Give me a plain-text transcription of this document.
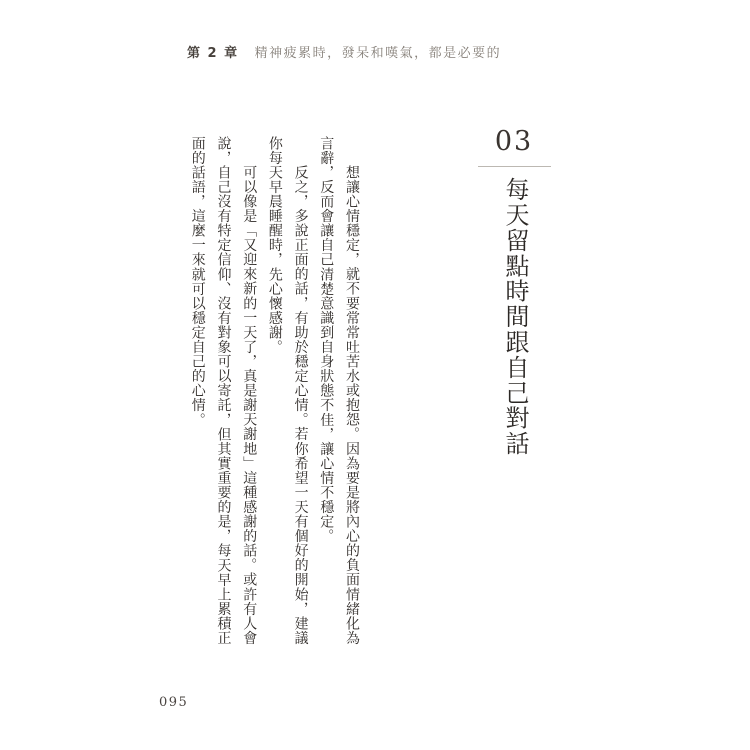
第 2 章 精神疲累時，發呆和嘆氣，都是必要的
03
每天留點時間跟自己對話

想讓心情穩定，就不要常常吐苦水或抱怨。因為要是將內心的負面情緒化為言辭，反而會讓自己清楚意識到自身狀態不佳，讓心情不穩定。

反之，多說正面的話，有助於穩定心情。若你希望一天有個好的開始，建議你每天早晨睡醒時，先心懷感謝。

可以像是「又迎來新的一天了，真是謝天謝地」這種感謝的話。或許有人會說，自己沒有特定信仰、沒有對象可以寄託，但其實重要的是，每天早上累積正面的話語，這麼一來就可以穩定自己的心情。

095
